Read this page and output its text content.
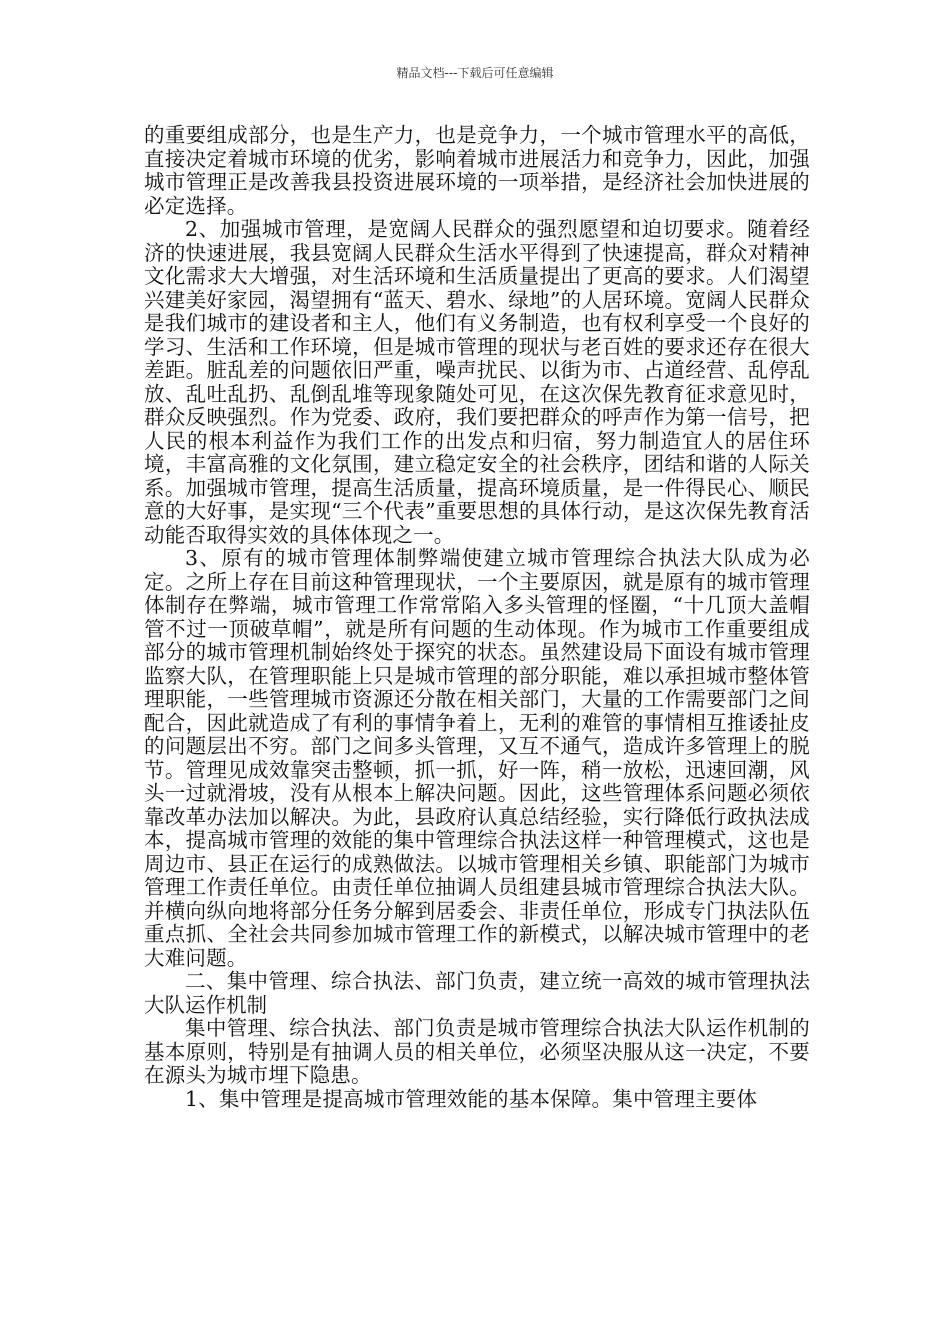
精品文档---下载后可任意编辑

的重要组成部分，也是生产力，也是竞争力，一个城市管理水平的高低，直接决定着城市环境的优劣，影响着城市进展活力和竞争力，因此，加强城市管理正是改善我县投资进展环境的一项举措，是经济社会加快进展的必定选择。

2、加强城市管理，是宽阔人民群众的强烈愿望和迫切要求。随着经济的快速进展，我县宽阔人民群众生活水平得到了快速提高，群众对精神文化需求大大增强，对生活环境和生活质量提出了更高的要求。人们渴望兴建美好家园，渴望拥有“蓝天、碧水、绿地”的人居环境。宽阔人民群众是我们城市的建设者和主人，他们有义务制造，也有权利享受一个良好的学习、生活和工作环境，但是城市管理的现状与老百姓的要求还存在很大差距。脏乱差的问题依旧严重，噪声扰民、以街为市、占道经营、乱停乱放、乱吐乱扔、乱倒乱堆等现象随处可见，在这次保先教育征求意见时，群众反映强烈。作为党委、政府，我们要把群众的呼声作为第一信号，把人民的根本利益作为我们工作的出发点和归宿，努力制造宜人的居住环境，丰富高雅的文化氛围，建立稳定安全的社会秩序，团结和谐的人际关系。加强城市管理，提高生活质量，提高环境质量，是一件得民心、顺民意的大好事，是实现“三个代表”重要思想的具体行动，是这次保先教育活动能否取得实效的具体体现之一。

3、原有的城市管理体制弊端使建立城市管理综合执法大队成为必定。之所上存在目前这种管理现状，一个主要原因，就是原有的城市管理体制存在弊端，城市管理工作常常陷入多头管理的怪圈，“十几顶大盖帽管不过一顶破草帽”，就是所有问题的生动体现。作为城市工作重要组成部分的城市管理机制始终处于探究的状态。虽然建设局下面设有城市管理监察大队，在管理职能上只是城市管理的部分职能，难以承担城市整体管理职能，一些管理城市资源还分散在相关部门，大量的工作需要部门之间配合，因此就造成了有利的事情争着上，无利的难管的事情相互推诿扯皮的问题层出不穷。部门之间多头管理，又互不通气，造成许多管理上的脱节。管理见成效靠突击整顿，抓一抓，好一阵，稍一放松，迅速回潮，风头一过就滑坡，没有从根本上解决问题。因此，这些管理体系问题必须依靠改革办法加以解决。为此，县政府认真总结经验，实行降低行政执法成本，提高城市管理的效能的集中管理综合执法这样一种管理模式，这也是周边市、县正在运行的成熟做法。以城市管理相关乡镇、职能部门为城市管理工作责任单位。由责任单位抽调人员组建县城市管理综合执法大队。并横向纵向地将部分任务分解到居委会、非责任单位，形成专门执法队伍重点抓、全社会共同参加城市管理工作的新模式，以解决城市管理中的老大难问题。

二、集中管理、综合执法、部门负责，建立统一高效的城市管理执法大队运作机制

集中管理、综合执法、部门负责是城市管理综合执法大队运作机制的基本原则，特别是有抽调人员的相关单位，必须坚决服从这一决定，不要在源头为城市埋下隐患。

1、集中管理是提高城市管理效能的基本保障。集中管理主要体
